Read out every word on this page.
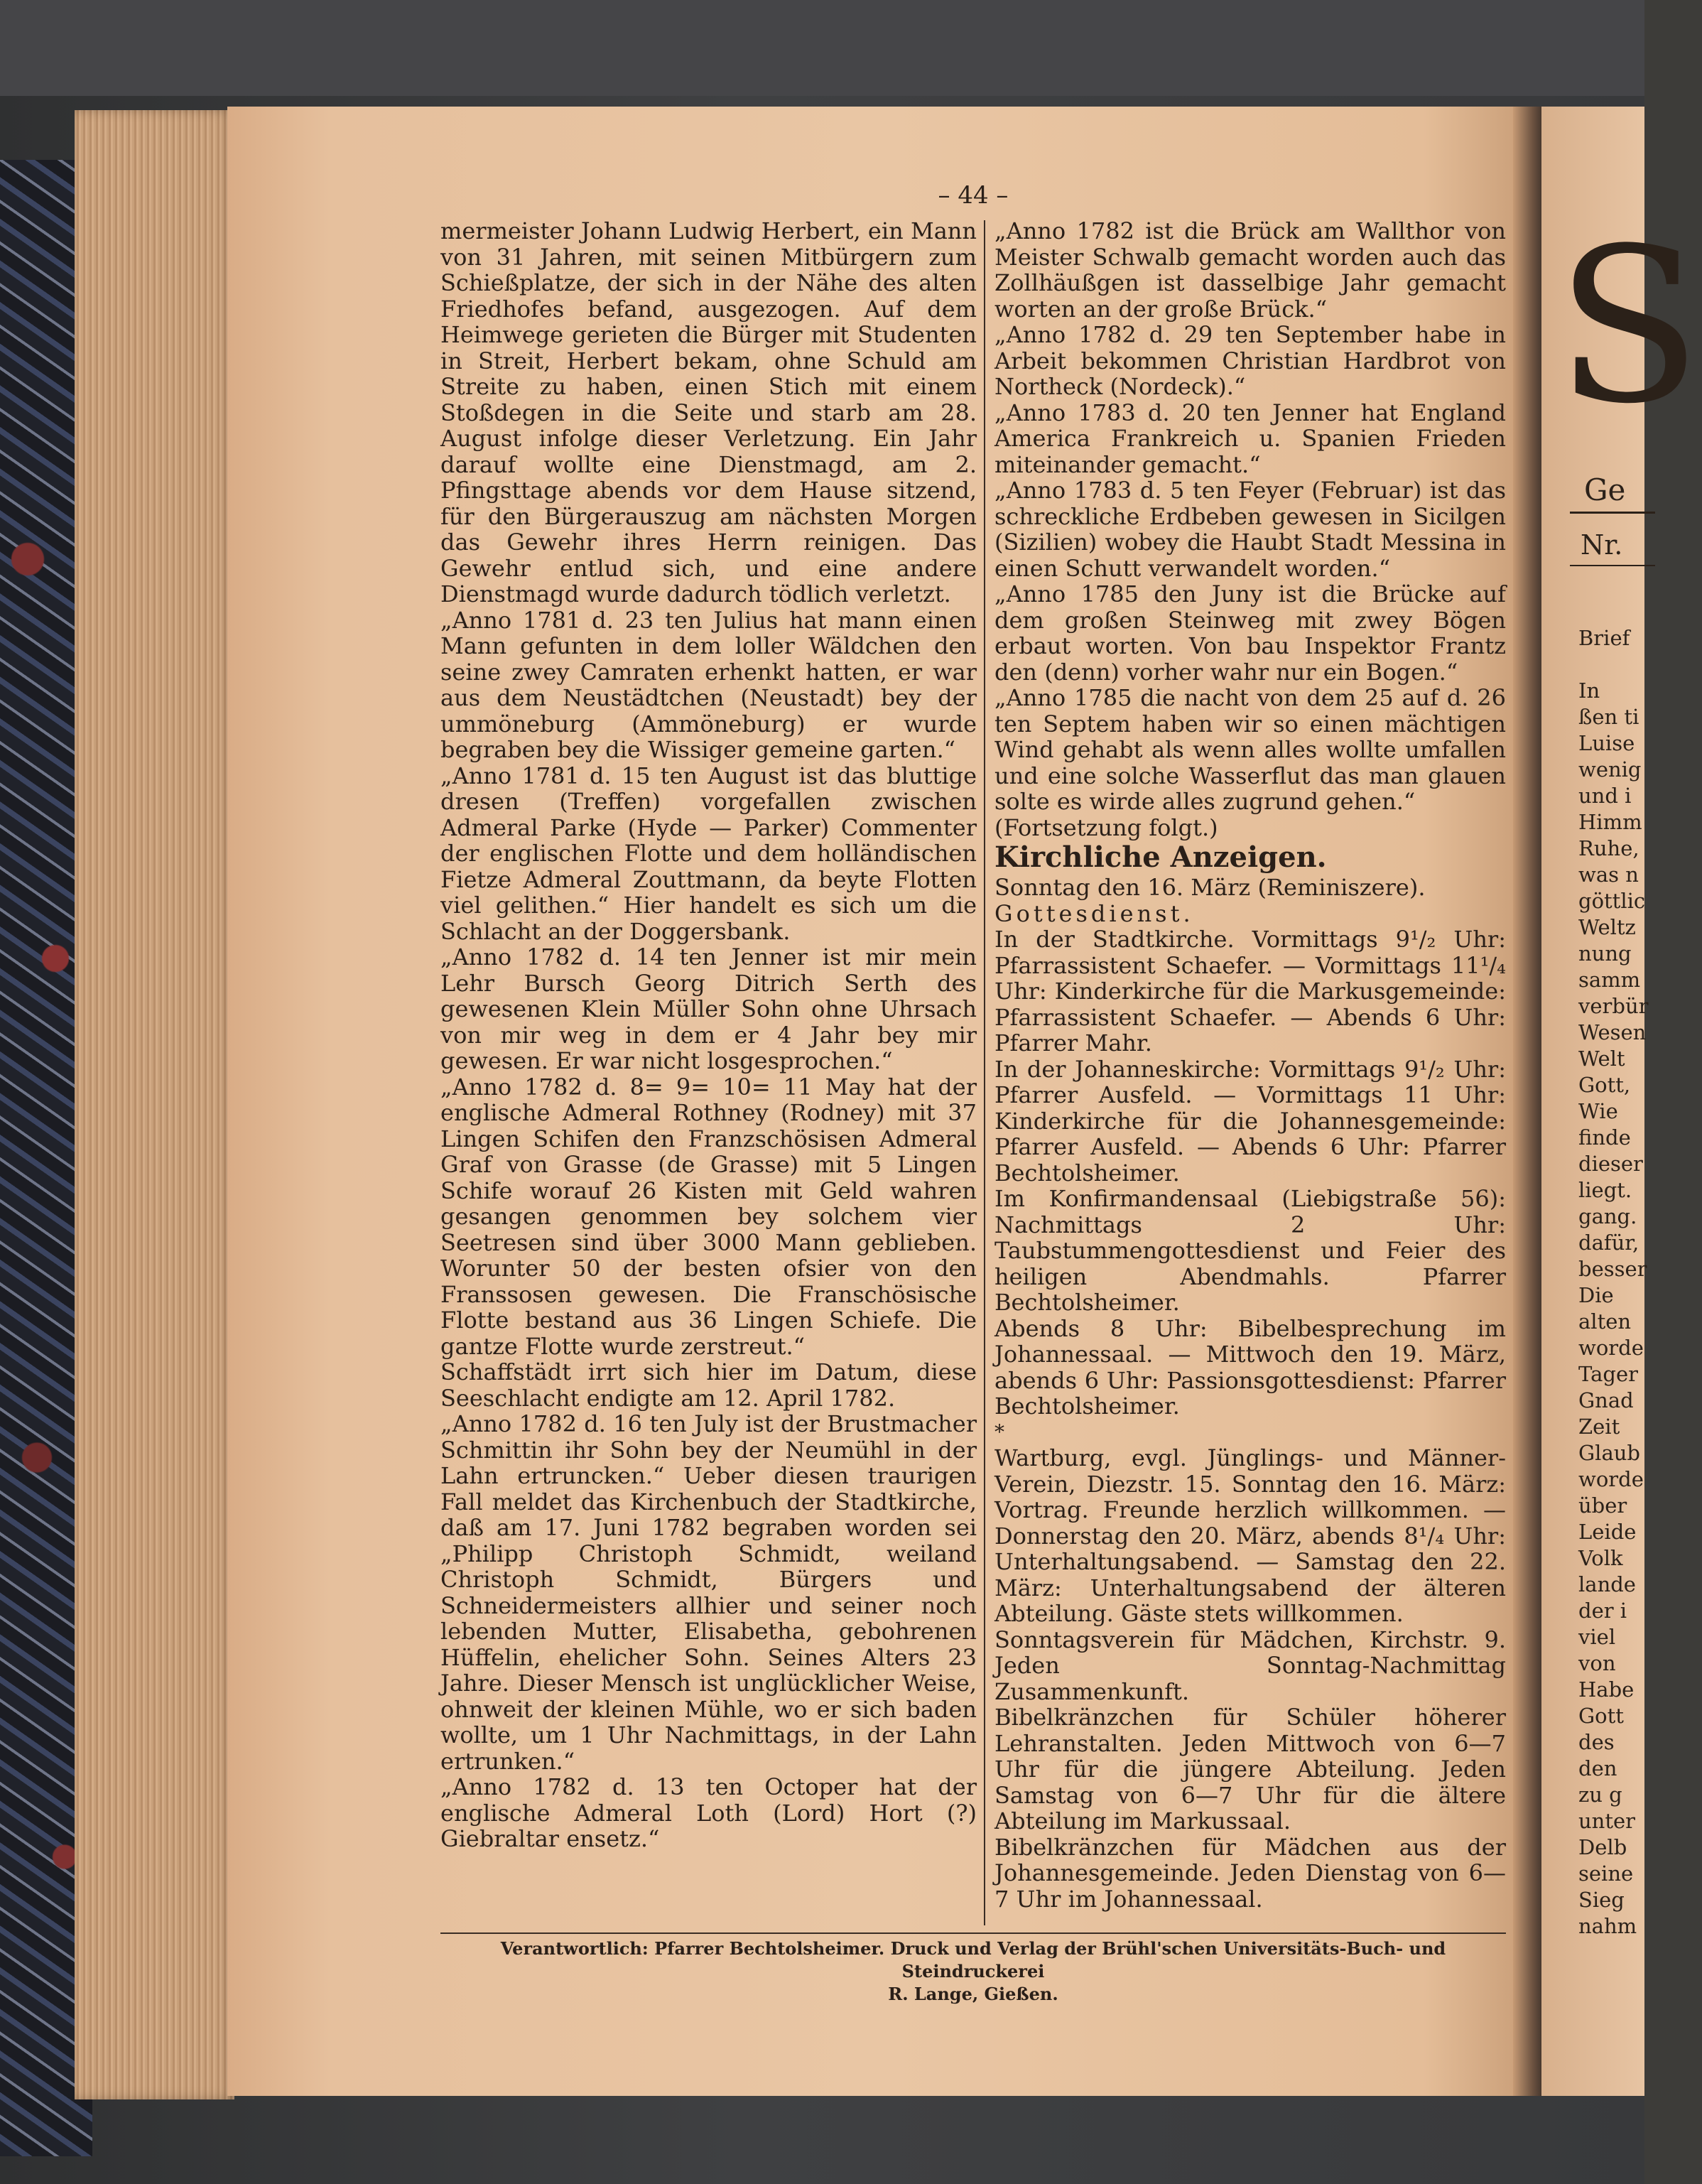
S
Ge
Nr.
Brief

In
ßen ti
Luise
wenig
und i
Himm
Ruhe,
was n
göttlic
Weltz
nung
samm
verbür
Wesen
Welt
Gott,
Wie
finde
dieser
liegt.
gang.
dafür,
besser
Die
alten
worde
Tager
Gnad
Zeit
Glaub
worde
über
Leide
Volk
lande
der i
viel
von
Habe
Gott
des
den
zu g
unter
Delb
seine
Sieg
nahm
– 44 –

mermeister Johann Ludwig Herbert, ein Mann von 31 Jahren, mit seinen Mitbürgern zum Schießplatze, der sich in der Nähe des alten Friedhofes befand, ausgezogen. Auf dem Heimwege gerieten die Bürger mit Studenten in Streit, Herbert bekam, ohne Schuld am Streite zu haben, einen Stich mit einem Stoßdegen in die Seite und starb am 28. August infolge dieser Verletzung. Ein Jahr darauf wollte eine Dienstmagd, am 2. Pfingsttage abends vor dem Hause sitzend, für den Bürgerauszug am nächsten Morgen das Gewehr ihres Herrn reinigen. Das Gewehr entlud sich, und eine andere Dienstmagd wurde dadurch tödlich verletzt.

„Anno 1781 d. 23 ten Julius hat mann einen Mann gefunten in dem loller Wäldchen den seine zwey Camraten erhenkt hatten, er war aus dem Neustädtchen (Neustadt) bey der ummöneburg (Ammöneburg) er wurde begraben bey die Wissiger gemeine garten.“

„Anno 1781 d. 15 ten August ist das bluttige dresen (Treffen) vorgefallen zwischen Admeral Parke (Hyde — Parker) Commenter der englischen Flotte und dem holländischen Fietze Admeral Zouttmann, da beyte Flotten viel gelithen.“ Hier handelt es sich um die Schlacht an der Doggersbank.

„Anno 1782 d. 14 ten Jenner ist mir mein Lehr Bursch Georg Ditrich Serth des gewesenen Klein Müller Sohn ohne Uhrsach von mir weg in dem er 4 Jahr bey mir gewesen. Er war nicht losgesprochen.“

„Anno 1782 d. 8= 9= 10= 11 May hat der englische Admeral Rothney (Rodney) mit 37 Lingen Schifen den Franzschösisen Admeral Graf von Grasse (de Grasse) mit 5 Lingen Schife worauf 26 Kisten mit Geld wahren gesangen genommen bey solchem vier Seetresen sind über 3000 Mann geblieben. Worunter 50 der besten ofsier von den Franssosen gewesen. Die Franschösische Flotte bestand aus 36 Lingen Schiefe. Die gantze Flotte wurde zerstreut.“

Schaffstädt irrt sich hier im Datum, diese Seeschlacht endigte am 12. April 1782.

„Anno 1782 d. 16 ten July ist der Brustmacher Schmittin ihr Sohn bey der Neumühl in der Lahn ertruncken.“ Ueber diesen traurigen Fall meldet das Kirchenbuch der Stadtkirche, daß am 17. Juni 1782 begraben worden sei „Philipp Christoph Schmidt, weiland Christoph Schmidt, Bürgers und Schneidermeisters allhier und seiner noch lebenden Mutter, Elisabetha, gebohrenen Hüffelin, ehelicher Sohn. Seines Alters 23 Jahre. Dieser Mensch ist unglücklicher Weise, ohnweit der kleinen Mühle, wo er sich baden wollte, um 1 Uhr Nachmittags, in der Lahn ertrunken.“

„Anno 1782 d. 13 ten Octoper hat der englische Admeral Loth (Lord) Hort (?) Giebraltar ensetz.“

„Anno 1782 ist die Brück am Wallthor von Meister Schwalb gemacht worden auch das Zollhäußgen ist dasselbige Jahr gemacht worten an der große Brück.“

„Anno 1782 d. 29 ten September habe in Arbeit bekommen Christian Hardbrot von Northeck (Nordeck).“

„Anno 1783 d. 20 ten Jenner hat England America Frankreich u. Spanien Frieden miteinander gemacht.“

„Anno 1783 d. 5 ten Feyer (Februar) ist das schreckliche Erdbeben gewesen in Sicilgen (Sizilien) wobey die Haubt Stadt Messina in einen Schutt verwandelt worden.“

„Anno 1785 den Juny ist die Brücke auf dem großen Steinweg mit zwey Bögen erbaut worten. Von bau Inspektor Frantz den (denn) vorher wahr nur ein Bogen.“

„Anno 1785 die nacht von dem 25 auf d. 26 ten Septem haben wir so einen mächtigen Wind gehabt als wenn alles wollte umfallen und eine solche Wasserflut das man glauen solte es wirde alles zugrund gehen.“

(Fortsetzung folgt.)

Kirchliche Anzeigen.

Sonntag den 16. März (Reminiszere).

Gottesdienst.

In der Stadtkirche. Vormittags 9¹/₂ Uhr: Pfarrassistent Schaefer. — Vormittags 11¹/₄ Uhr: Kinderkirche für die Markusgemeinde: Pfarrassistent Schaefer. — Abends 6 Uhr: Pfarrer Mahr.

In der Johanneskirche: Vormittags 9¹/₂ Uhr: Pfarrer Ausfeld. — Vormittags 11 Uhr: Kinderkirche für die Johannesgemeinde: Pfarrer Ausfeld. — Abends 6 Uhr: Pfarrer Bechtolsheimer.

Im Konfirmandensaal (Liebigstraße 56): Nachmittags 2 Uhr: Taubstummengottesdienst und Feier des heiligen Abendmahls. Pfarrer Bechtolsheimer.

Abends 8 Uhr: Bibelbesprechung im Johannessaal. — Mittwoch den 19. März, abends 6 Uhr: Passionsgottesdienst: Pfarrer Bechtolsheimer.

*

Wartburg, evgl. Jünglings- und Männer-Verein, Diezstr. 15. Sonntag den 16. März: Vortrag. Freunde herzlich willkommen. — Donnerstag den 20. März, abends 8¹/₄ Uhr: Unterhaltungsabend. — Samstag den 22. März: Unterhaltungsabend der älteren Abteilung. Gäste stets willkommen.

Sonntagsverein für Mädchen, Kirchstr. 9. Jeden Sonntag-Nachmittag Zusammenkunft.

Bibelkränzchen für Schüler höherer Lehranstalten. Jeden Mittwoch von 6—7 Uhr für die jüngere Abteilung. Jeden Samstag von 6—7 Uhr für die ältere Abteilung im Markussaal.

Bibelkränzchen für Mädchen aus der Johannesgemeinde. Jeden Dienstag von 6—7 Uhr im Johannessaal.

Verantwortlich: Pfarrer Bechtolsheimer. Druck und Verlag der Brühl'schen Universitäts-Buch- und Steindruckerei
R. Lange, Gießen.
